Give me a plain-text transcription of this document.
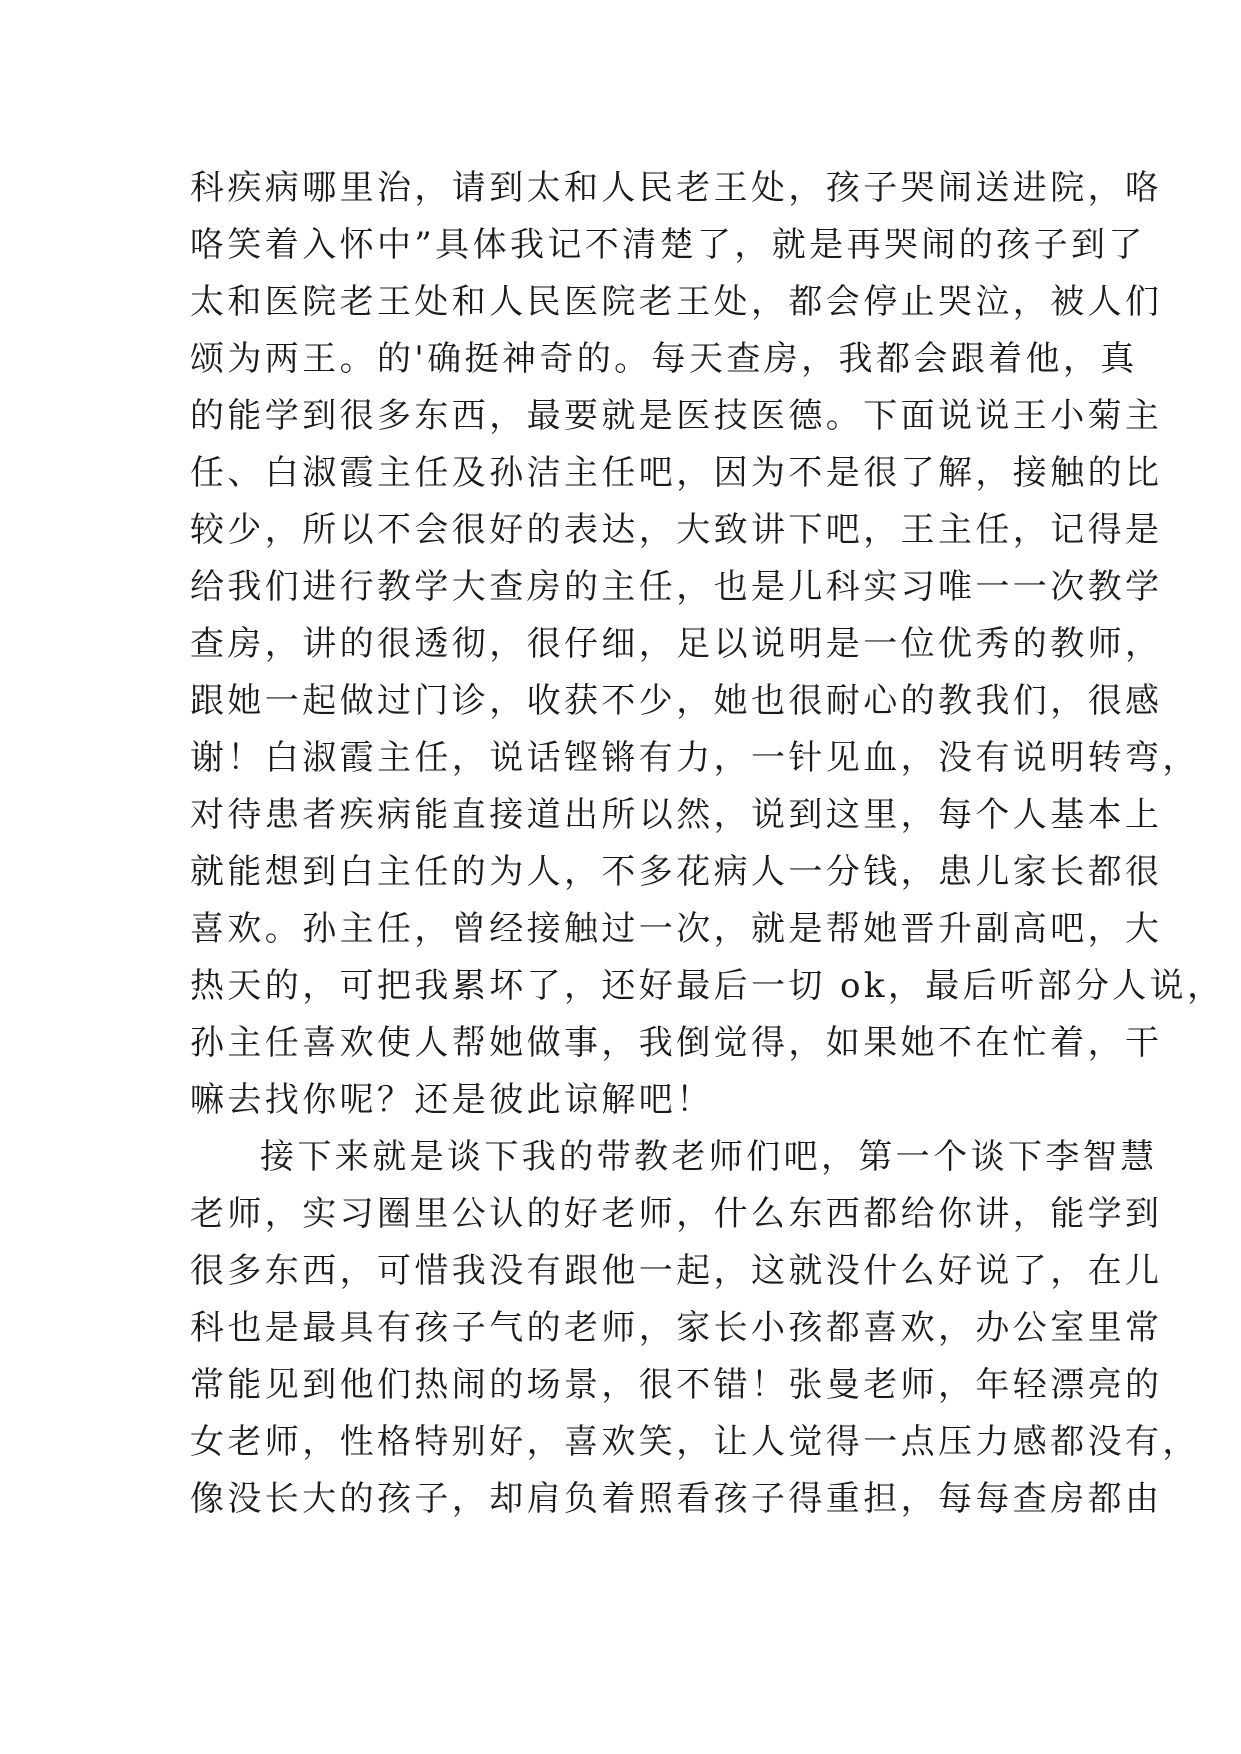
科疾病哪里治，请到太和人民老王处，孩子哭闹送进院，咯
咯笑着入怀中”具体我记不清楚了，就是再哭闹的孩子到了
太和医院老王处和人民医院老王处，都会停止哭泣，被人们
颂为两王。的'确挺神奇的。每天查房，我都会跟着他，真
的能学到很多东西，最要就是医技医德。下面说说王小菊主
任、白淑霞主任及孙洁主任吧，因为不是很了解，接触的比
较少，所以不会很好的表达，大致讲下吧，王主任，记得是
给我们进行教学大查房的主任，也是儿科实习唯一一次教学
查房，讲的很透彻，很仔细，足以说明是一位优秀的教师，
跟她一起做过门诊，收获不少，她也很耐心的教我们，很感
谢！白淑霞主任，说话铿锵有力，一针见血，没有说明转弯，
对待患者疾病能直接道出所以然，说到这里，每个人基本上
就能想到白主任的为人，不多花病人一分钱，患儿家长都很
喜欢。孙主任，曾经接触过一次，就是帮她晋升副高吧，大
热天的，可把我累坏了，还好最后一切 ok，最后听部分人说，
孙主任喜欢使人帮她做事，我倒觉得，如果她不在忙着，干
嘛去找你呢？还是彼此谅解吧！
接下来就是谈下我的带教老师们吧，第一个谈下李智慧
老师，实习圈里公认的好老师，什么东西都给你讲，能学到
很多东西，可惜我没有跟他一起，这就没什么好说了，在儿
科也是最具有孩子气的老师，家长小孩都喜欢，办公室里常
常能见到他们热闹的场景，很不错！张曼老师，年轻漂亮的
女老师，性格特别好，喜欢笑，让人觉得一点压力感都没有，
像没长大的孩子，却肩负着照看孩子得重担，每每查房都由
